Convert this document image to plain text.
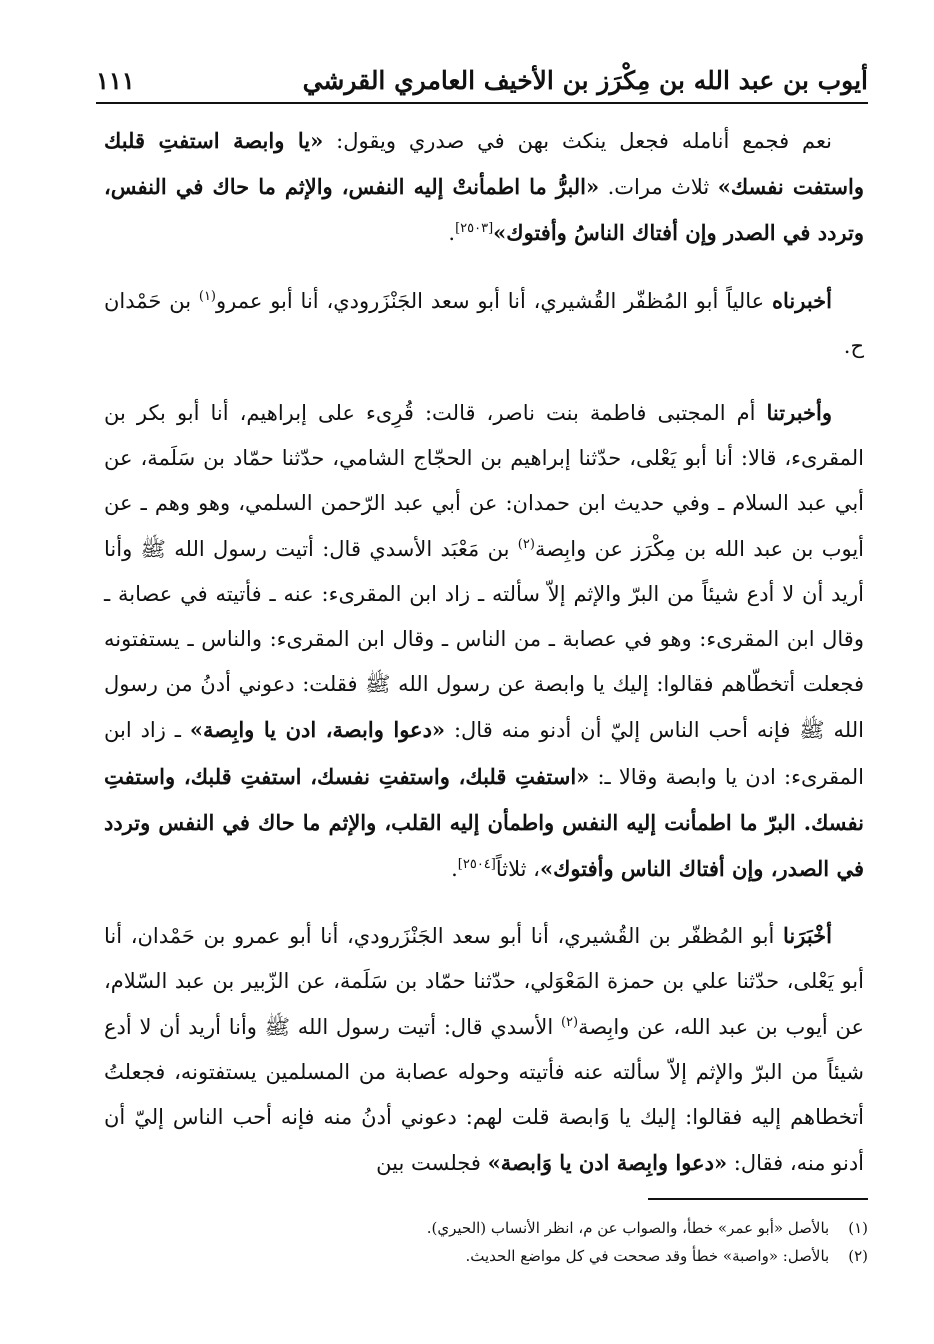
أيوب بن عبد الله بن مِكْرَز بن الأخيف العامري القرشي
١١١

نعم فجمع أنامله فجعل ينكث بهن في صدري ويقول: «يا وابصة استفتِ قلبك واستفت نفسك» ثلاث مرات. «البرُّ ما اطمأنتْ إليه النفس، والإثم ما حاك في النفس، وتردد في الصدر وإن أفتاك الناسُ وأفتوك»[٢٥٠٣].

أخبرناه عالياً أبو المُظفّر القُشيري، أنا أبو سعد الجَنْزَرودي، أنا أبو عمرو$^{(١)}$ بن حَمْدان ح.

وأخبرتنا أم المجتبى فاطمة بنت ناصر، قالت: قُرِىء على إبراهيم، أنا أبو بكر بن المقرىء، قالا: أنا أبو يَعْلى، حدّثنا إبراهيم بن الحجّاج الشامي، حدّثنا حمّاد بن سَلَمة، عن أبي عبد السلام ـ وفي حديث ابن حمدان: عن أبي عبد الرّحمن السلمي، وهو وهم ـ عن أيوب بن عبد الله بن مِكْرَز عن وابِصة$^{(٢)}$ بن مَعْبَد الأسدي قال: أتيت رسول الله ﷺ وأنا أريد أن لا أدع شيئاً من البرّ والإثم إلاّ سألته ـ زاد ابن المقرىء: عنه ـ فأتيته في عصابة ـ وقال ابن المقرىء: وهو في عصابة ـ من الناس ـ وقال ابن المقرىء: والناس ـ يستفتونه فجعلت أتخطّاهم فقالوا: إليك يا وابصة عن رسول الله ﷺ فقلت: دعوني أدنُ من رسول الله ﷺ فإنه أحب الناس إليّ أن أدنو منه قال: «دعوا وابصة، ادن يا وابِصة» ـ زاد ابن المقرىء: ادن يا وابصة وقالا ـ: «استفتِ قلبك، واستفتِ نفسك، استفتِ قلبك، واستفتِ نفسك. البرّ ما اطمأنت إليه النفس واطمأن إليه القلب، والإثم ما حاك في النفس وتردد في الصدر، وإن أفتاك الناس وأفتوك»، ثلاثاً[٢٥٠٤].

أخْبَرَنا أبو المُظفّر بن القُشيري، أنا أبو سعد الجَنْزَرودي، أنا أبو عمرو بن حَمْدان، أنا أبو يَعْلى، حدّثنا علي بن حمزة المَعْوَلي، حدّثنا حمّاد بن سَلَمة، عن الزّبير بن عبد السّلام، عن أيوب بن عبد الله، عن وابِصة$^{(٢)}$ الأسدي قال: أتيت رسول الله ﷺ وأنا أريد أن لا أدع شيئاً من البرّ والإثم إلاّ سألته عنه فأتيته وحوله عصابة من المسلمين يستفتونه، فجعلتُ أتخطاهم إليه فقالوا: إليك يا وَابصة قلت لهم: دعوني أدنُ منه فإنه أحب الناس إليّ أن أدنو منه، فقال: «دعوا وابِصة ادن يا وَابصة» فجلست بين

(١) بالأصل «أبو عمر» خطأ، والصواب عن م، انظر الأنساب (الحيري).

(٢) بالأصل: «واصبة» خطأ وقد صححت في كل مواضع الحديث.
